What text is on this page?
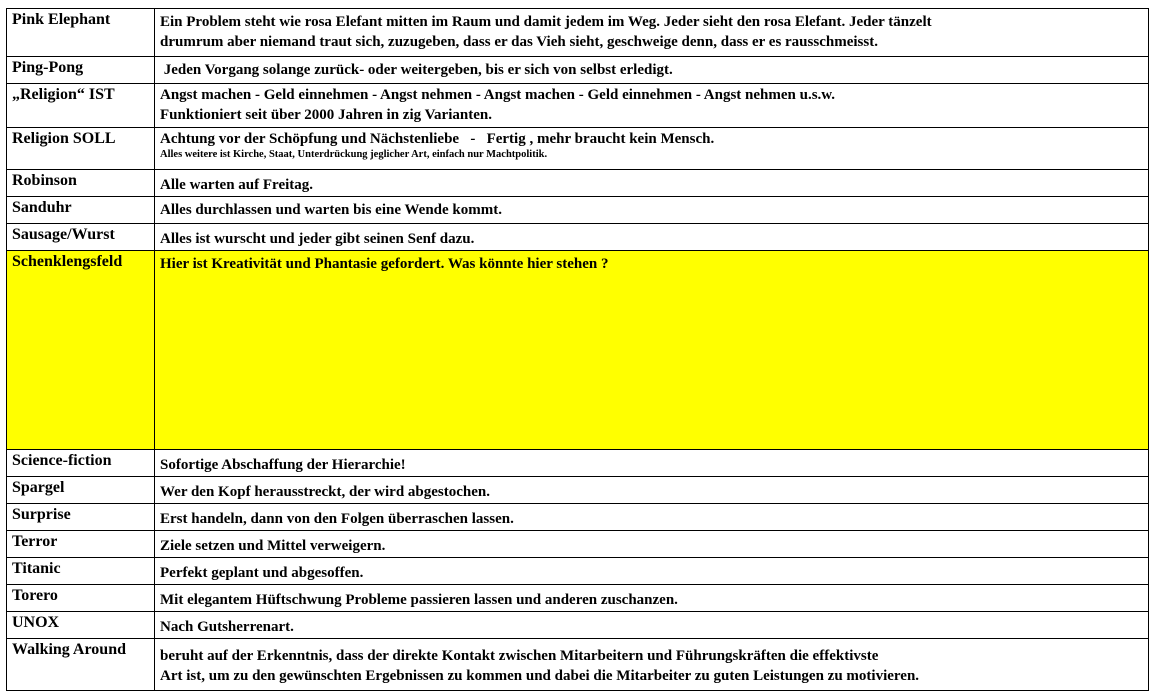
Pink Elephant	Ein Problem steht wie rosa Elefant mitten im Raum und damit jedem im Weg. Jeder sieht den rosa Elefant. Jeder tänzelt
drumrum aber niemand traut sich, zuzugeben, dass er das Vieh sieht, geschweige denn, dass er es rausschmeisst.

Ping-Pong	Jeden Vorgang solange zurück- oder weitergeben, bis er sich von selbst erledigt.

„Religion“ IST	Angst machen - Geld einnehmen - Angst nehmen - Angst machen - Geld einnehmen - Angst nehmen u.s.w.
Funktioniert seit über 2000 Jahren in zig Varianten.

Religion SOLL	Achtung vor der Schöpfung und Nächstenliebe   -   Fertig , mehr braucht kein Mensch.
Alles weitere ist Kirche, Staat, Unterdrückung jeglicher Art, einfach nur Machtpolitik.

Robinson	Alle warten auf Freitag.

Sanduhr	Alles durchlassen und warten bis eine Wende kommt.

Sausage/Wurst	Alles ist wurscht und jeder gibt seinen Senf dazu.

Schenklengsfeld	Hier ist Kreativität und Phantasie gefordert. Was könnte hier stehen ?

Science-fiction	Sofortige Abschaffung der Hierarchie!

Spargel	Wer den Kopf herausstreckt, der wird abgestochen.

Surprise	Erst handeln, dann von den Folgen überraschen lassen.

Terror	Ziele setzen und Mittel verweigern.

Titanic	Perfekt geplant und abgesoffen.

Torero	Mit elegantem Hüftschwung Probleme passieren lassen und anderen zuschanzen.

UNOX	Nach Gutsherrenart.

Walking Around	beruht auf der Erkenntnis, dass der direkte Kontakt zwischen Mitarbeitern und Führungskräften die effektivste
Art ist, um zu den gewünschten Ergebnissen zu kommen und dabei die Mitarbeiter zu guten Leistungen zu motivieren.
